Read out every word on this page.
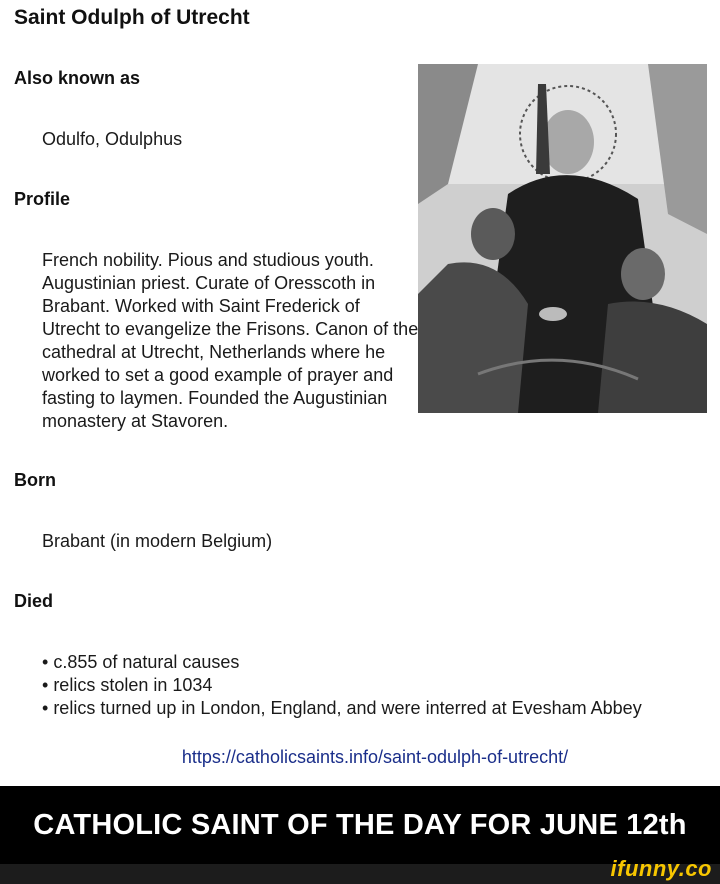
Saint Odulph of Utrecht
Also known as
Odulfo, Odulphus
Profile
French nobility. Pious and studious youth. Augustinian priest. Curate of Oresscoth in Brabant. Worked with Saint Frederick of Utrecht to evangelize the Frisons. Canon of the cathedral at Utrecht, Netherlands where he worked to set a good example of prayer and fasting to laymen. Founded the Augustinian monastery at Stavoren.
Born
Brabant (in modern Belgium)
Died
• c.855 of natural causes
• relics stolen in 1034
• relics turned up in London, England, and were interred at Evesham Abbey
https://catholicsaints.info/saint-odulph-of-utrecht/
CATHOLIC SAINT OF THE DAY FOR JUNE 12th
ifunny.co
